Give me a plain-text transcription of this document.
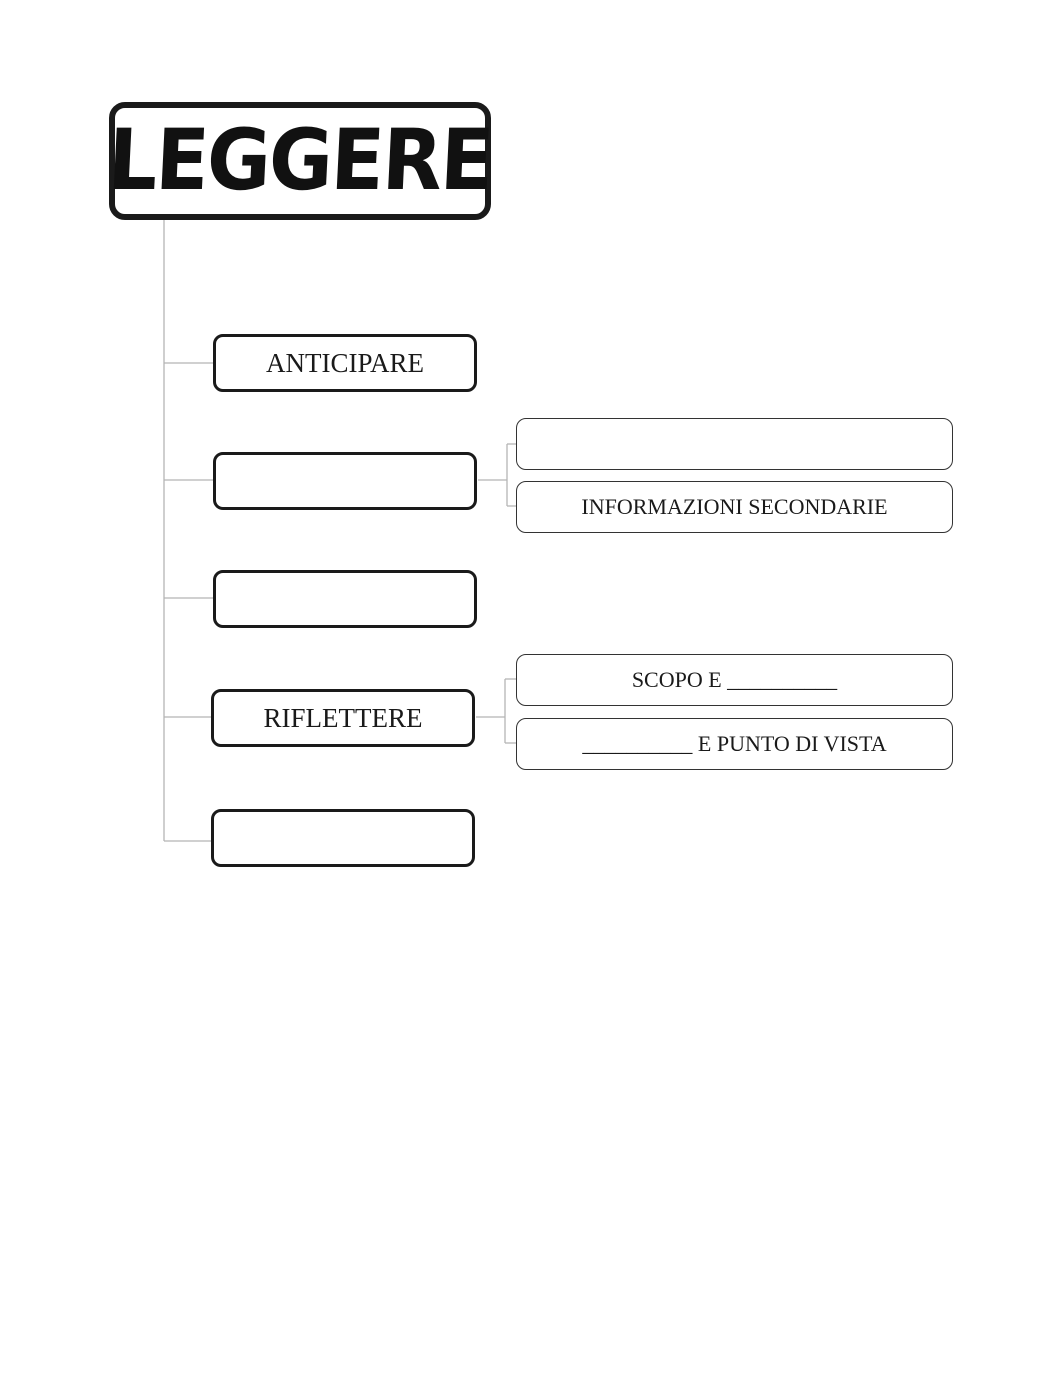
LEGGERE
ANTICIPARE
RIFLETTERE
INFORMAZIONI SECONDARIE
SCOPO E __________
__________ E PUNTO DI VISTA
